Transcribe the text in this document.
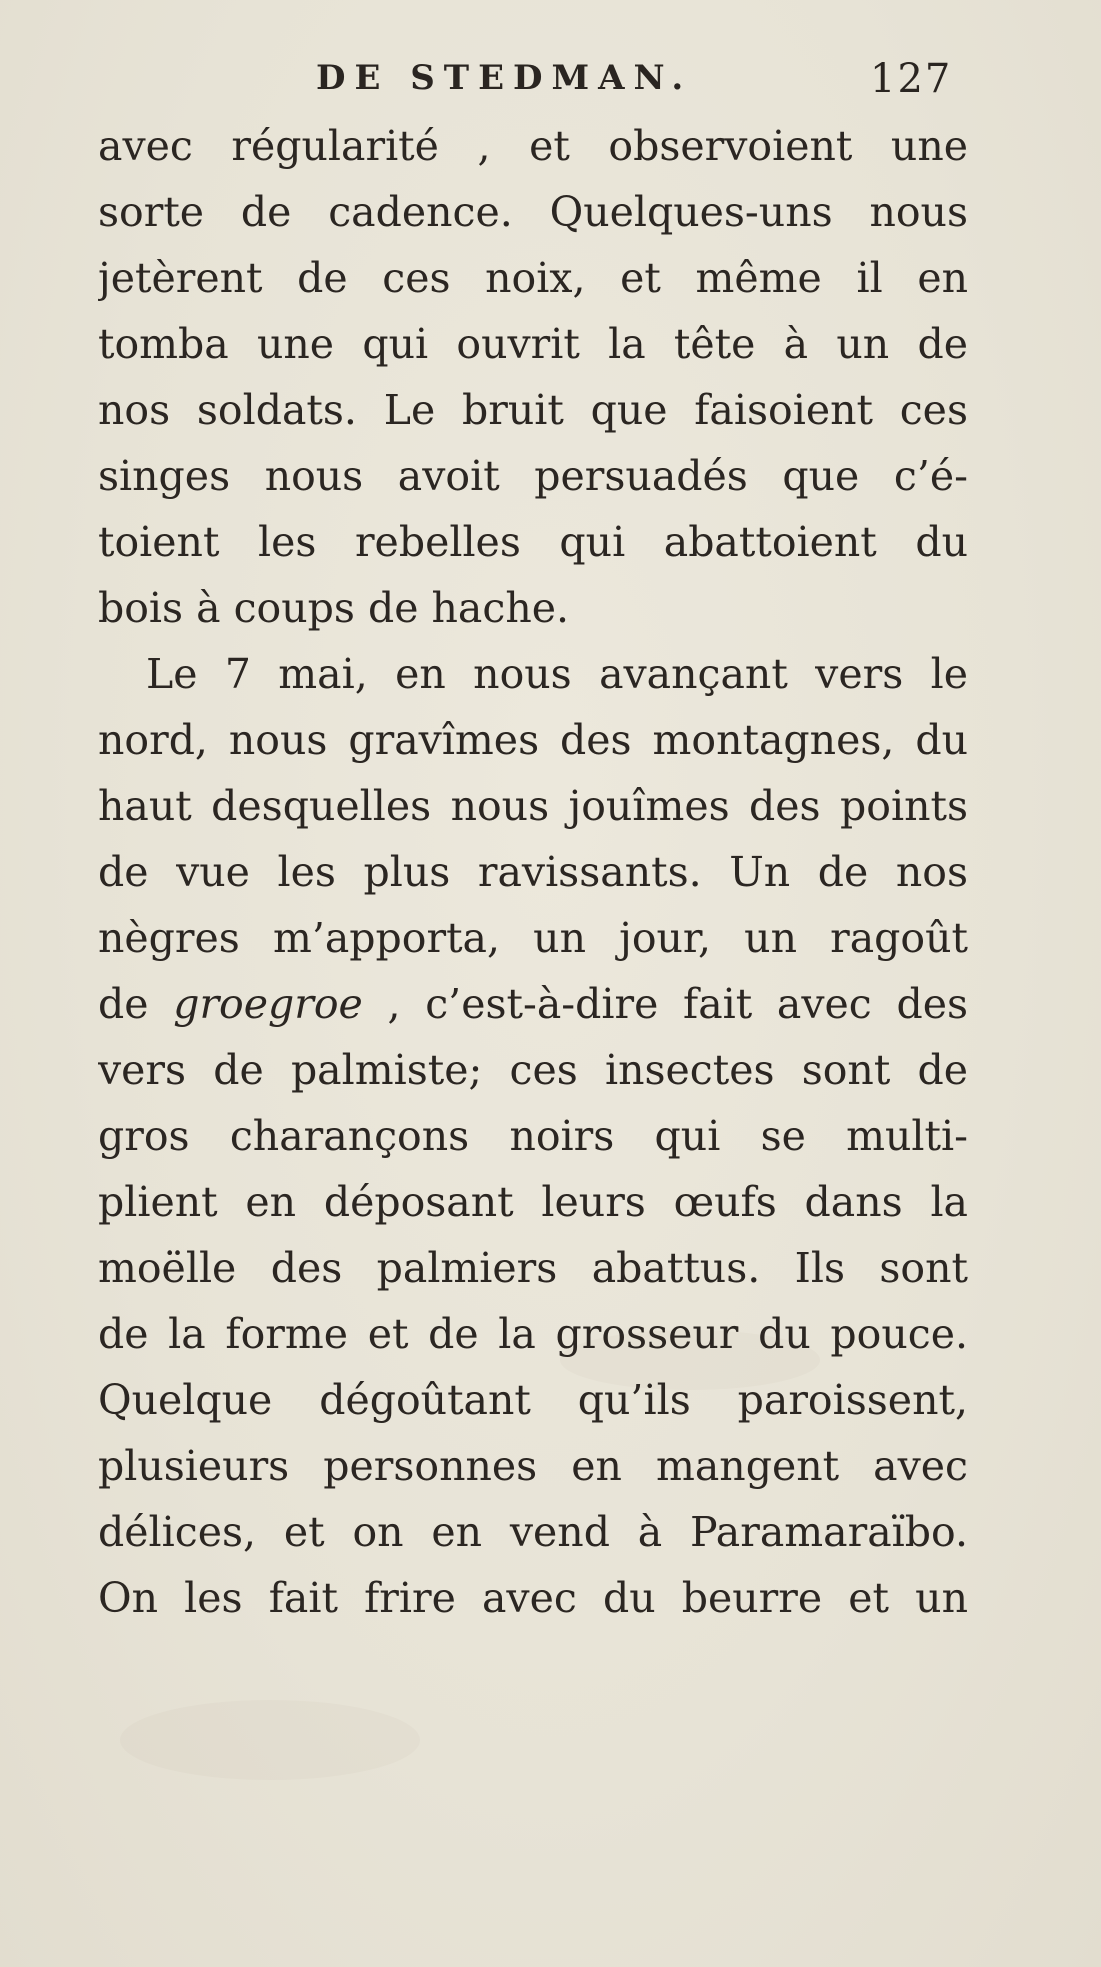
DE STEDMAN.	127
avec régularité , et observoient une
sorte de cadence. Quelques-uns nous
jetèrent de ces noix, et même il en
tomba une qui ouvrit la tête à un de
nos soldats. Le bruit que faisoient ces
singes nous avoit persuadés que c’é-
toient les rebelles qui abattoient du
bois à coups de hache.
Le 7 mai, en nous avançant vers le
nord, nous gravîmes des montagnes, du
haut desquelles nous jouîmes des points
de vue les plus ravissants. Un de nos
nègres m’apporta, un jour, un ragoût
de groegroe , c’est-à-dire fait avec des
vers de palmiste; ces insectes sont de
gros charançons noirs qui se multi-
plient en déposant leurs œufs dans la
moëlle des palmiers abattus. Ils sont
de la forme et de la grosseur du pouce.
Quelque dégoûtant qu’ils paroissent,
plusieurs personnes en mangent avec
délices, et on en vend à Paramaraïbo.
On les fait frire avec du beurre et un
